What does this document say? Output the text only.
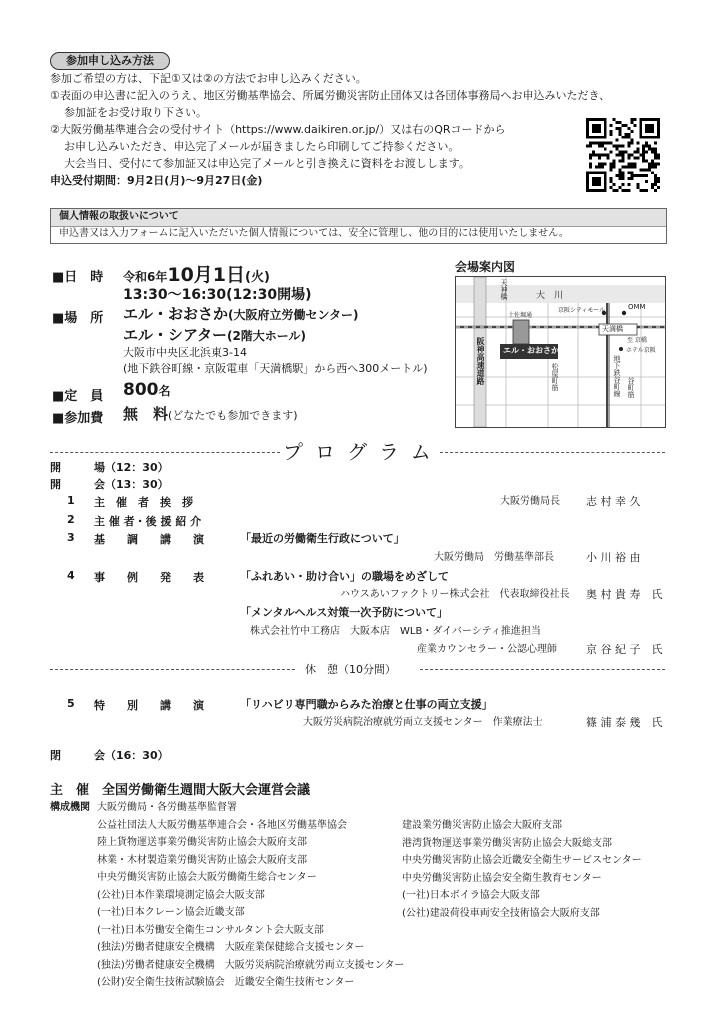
参加申し込み方法
参加ご希望の方は、下記①又は②の方法でお申し込みください。
①表面の申込書に記入のうえ、地区労働基準協会、所属労働災害防止団体又は各団体事務局へお申込みいただき、
参加証をお受け取り下さい。
②大阪労働基準連合会の受付サイト（https://www.daikiren.or.jp/）又は右のQRコードから
お申し込みいただき、申込完了メールが届きましたら印刷してご持参ください。
大会当日、受付にて参加証又は申込完了メールと引き換えに資料をお渡しします。
申込受付期間：9月2日(月)〜9月27日(金)
個人情報の取扱いについて
申込書又は入力フォームに記入いただいた個人情報については、安全に管理し、他の目的には使用いたしません。
■日　時 令和6年10月1日(火)
13:30〜16:30(12:30開場)
■場　所 エル・おおさか(大阪府立労働センター)
エル・シアター(2階大ホール)
大阪市中央区北浜東3-14
(地下鉄谷町線・京阪電車「天満橋駅」から西へ300メートル)
■定　員 800名
■参加費 無　料(どなたでも参加できます)
会場案内図
大　川
天神橋
土佐堀通
京阪シティモール	OMM
天満橋
至 京橋
ホテル京阪
阪神高速道路	松屋町筋	地下鉄谷町線 谷町筋
エル・おおさか
プログラム
開　　　場（12：30）
開　　　会（13：30）
1 主　催　者　挨　拶	大阪労働局長 志 村 幸 久
2 主 催 者・後 援 紹 介
3 基　　調　　講　　演	「最近の労働衛生行政について」
大阪労働局　労働基準部長	小 川 裕 由
4 事　　例　　発　　表	「ふれあい・助け合い」の職場をめざして
ハウスあいファクトリー株式会社　代表取締役社長 奥 村 貴 寿　氏
「メンタルヘルス対策一次予防について」
株式会社竹中工務店　大阪本店　WLB・ダイバーシティ推進担当
産業カウンセラー・公認心理師	京 谷 紀 子　氏
休　憩（10分間）
5 特　　別　　講　　演	「リハビリ専門職からみた治療と仕事の両立支援」
大阪労災病院治療就労両立支援センター　作業療法士	篠 浦 泰 幾　氏
閉　　　会（16：30）
主　催 全国労働衛生週間大阪大会運営会議
構成機関 大阪労働局・各労働基準監督署
公益社団法人大阪労働基準連合会・各地区労働基準協会
陸上貨物運送事業労働災害防止協会大阪府支部
林業・木材製造業労働災害防止協会大阪府支部
中央労働災害防止協会大阪労働衛生総合センター
(公社)日本作業環境測定協会大阪支部
(一社)日本クレーン協会近畿支部
(一社)日本労働安全衛生コンサルタント会大阪支部
(独法)労働者健康安全機構　大阪産業保健総合支援センター
(独法)労働者健康安全機構　大阪労災病院治療就労両立支援センター
(公財)安全衛生技術試験協会　近畿安全衛生技術センター
建設業労働災害防止協会大阪府支部
港湾貨物運送事業労働災害防止協会大阪総支部
中央労働災害防止協会近畿安全衛生サービスセンター
中央労働災害防止協会安全衛生教育センター
(一社)日本ボイラ協会大阪支部
(公社)建設荷役車両安全技術協会大阪府支部
